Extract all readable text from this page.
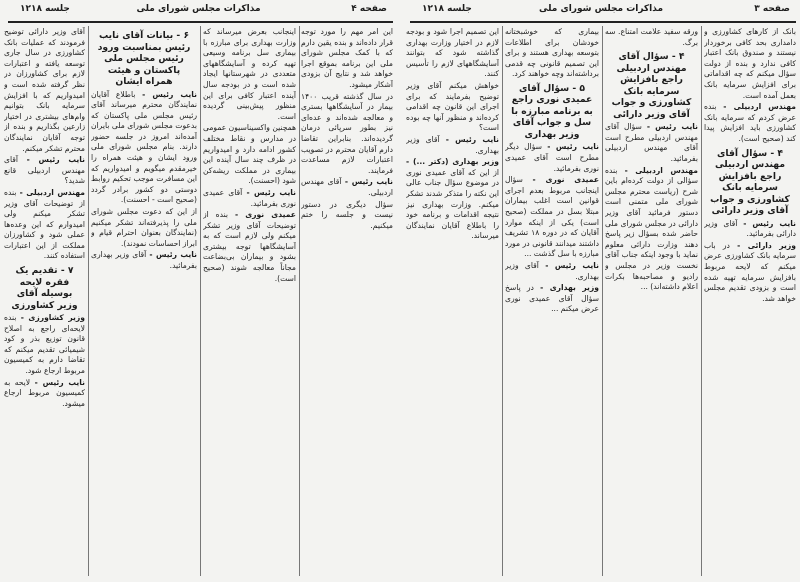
صفحه ۴
مذاکرات مجلس شورای ملی
جلسه ۱۲۱۸

این امر مهم را مورد توجه قرار داده‌اند و بنده یقین دارم که با کمک مجلس شورای ملی این برنامه بموقع اجرا خواهد شد و نتایج آن بزودی آشکار میشود.

در سال گذشته قریب ۱۴۰۰ بیمار در آسایشگاهها بستری و معالجه شده‌اند و عده‌ای نیز بطور سرپائی درمان گردیده‌اند. بنابراین تقاضا دارم آقایان محترم در تصویب اعتبارات لازم مساعدت فرمایند.

نایب رئیس - آقای مهندس اردبیلی.

سؤال دیگری در دستور نیست و جلسه را ختم میکنیم.

اینجانب بعرض میرساند که وزارت بهداری برای مبارزه با بیماری سل برنامه وسیعی تهیه کرده و آسایشگاههای متعددی در شهرستانها ایجاد شده است و در بودجه سال آینده اعتبار کافی برای این منظور پیش‌بینی گردیده است.

همچنین واکسیناسیون عمومی در مدارس و نقاط مختلف کشور ادامه دارد و امیدواریم در ظرف چند سال آینده این بیماری در مملکت ریشه‌کن شود (احسنت).

نایب رئیس - آقای عمیدی نوری بفرمائید.

عمیدی نوری - بنده از توضیحات آقای وزیر تشکر میکنم ولی لازم است که به آسایشگاهها توجه بیشتری بشود و بیماران بی‌بضاعت مجاناً معالجه شوند (صحیح است).

۶ - بیانات آقای نایب رئیس بمناسبت ورود رئیس مجلس ملی پاکستان و هیئت همراه ایشان

نایب رئیس - باطلاع آقایان نمایندگان محترم میرساند آقای رئیس مجلس ملی پاکستان که بدعوت مجلس شورای ملی بایران آمده‌اند امروز در جلسه حضور دارند. بنام مجلس شورای ملی ورود ایشان و هیئت همراه را خیرمقدم میگویم و امیدواریم که این مسافرت موجب تحکیم روابط دوستی دو کشور برادر گردد (صحیح است - احسنت).

از این که دعوت مجلس شورای ملی را پذیرفته‌اند تشکر میکنیم (نمایندگان بعنوان احترام قیام و ابراز احساسات نمودند).

نایب رئیس - آقای وزیر بهداری بفرمائید.

آقای وزیر دارائی توضیح فرمودند که عملیات بانک کشاورزی در سال جاری توسعه یافته و اعتبارات لازم برای کشاورزان در نظر گرفته شده است و امیدواریم که با افزایش سرمایه بانک بتوانیم وام‌های بیشتری در اختیار زارعین بگذاریم و بنده از توجه آقایان نمایندگان محترم تشکر میکنم.

نایب رئیس - آقای مهندس اردبیلی قانع شدید؟

مهندس اردبیلی - بنده از توضیحات آقای وزیر تشکر میکنم ولی امیدوارم که این وعده‌ها عملی شود و کشاورزان مملکت از این اعتبارات استفاده کنند.

۷ - تقدیم یک فقره لایحه بوسیله آقای وزیر کشاورزی

وزیر کشاورزی - بنده لایحه‌ای راجع به اصلاح قانون توزیع بذر و کود شیمیائی تقدیم میکنم که تقاضا دارم به کمیسیون مربوط ارجاع شود.

نایب رئیس - لایحه به کمیسیون مربوط ارجاع میشود.

صفحه ۳
مذاکرات مجلس شورای ملی
جلسه ۱۲۱۸

بانک از کارهای کشاورزی و دامداری بحد کافی برخوردار نیستند و صندوق بانک اعتبار کافی ندارد و بنده از دولت سؤال میکنم که چه اقداماتی برای افزایش سرمایه بانک بعمل آمده است.

مهندس اردبیلی - بنده عرض کردم که سرمایه بانک کشاورزی باید افزایش پیدا کند (صحیح است).

۴ - سؤال آقای مهندس اردبیلی راجع بافزایش سرمایه بانک کشاورزی و جواب آقای وزیر دارائی

نایب رئیس - آقای وزیر دارائی بفرمائید.

وزیر دارائی - در باب سرمایه بانک کشاورزی عرض میکنم که لایحه مربوط بافزایش سرمایه تهیه شده است و بزودی تقدیم مجلس خواهد شد.

ورقه سفید علامت امتناع. سه برگ.

۴ - سؤال آقای مهندس اردبیلی راجع بافزایش سرمایه بانک کشاورزی و جواب آقای وزیر دارائی

نایب رئیس - سؤال آقای مهندس اردبیلی مطرح است آقای مهندس اردبیلی بفرمائید.

مهندس اردبیلی - بنده سؤالی از دولت کرده‌ام باین شرح (ریاست محترم مجلس شورای ملی متمنی است دستور فرمائید آقای وزیر دارائی در مجلس شورای ملی حاضر شده بسؤال زیر پاسخ دهند وزارت دارائی معلوم نماید با وجود اینکه جناب آقای نخست وزیر در مجلس و رادیو و مصاحبه‌ها بکرات اعلام داشته‌اند) ...

بیماری که خوشبختانه خودشان برای اطلاعات بتوسعه بهداری هستند و برای این تصمیم قانونی چه قدمی برداشته‌اند وچه خواهند کرد.

۵ - سؤال آقای عمیدی نوری راجع به برنامه مبارزه با سل و جواب آقای وزیر بهداری

نایب رئیس - سؤال دیگر مطرح است آقای عمیدی نوری بفرمائید.

عمیدی نوری - سؤال اینجانب مربوط بعدم اجرای قوانین است اغلب بیماران مبتلا بسل در مملکت (صحیح است) یکی از اینکه موارد آقایان که در دوره ۱۸ تشریف داشتند میدانند قانونی در مورد مبارزه با سل گذشت ...

نایب رئیس - آقای وزیر بهداری.

وزیر بهداری - در پاسخ سؤال آقای عمیدی نوری عرض میکنم ...

این تصمیم اجرا شود و بودجه لازم در اختیار وزارت بهداری گذاشته شود که بتوانند آسایشگاههای لازم را تأسیس کنند.

خواهش میکنم آقای وزیر توضیح بفرمایند که برای اجرای این قانون چه اقدامی کرده‌اند و منظور آنها چه بوده است؟

نایب رئیس - آقای وزیر بهداری.

وزیر بهداری (دکتر ...) - از این که آقای عمیدی نوری در موضوع سؤال جناب عالی این نکته را متذکر شدند تشکر میکنم. وزارت بهداری نیز نتیجه اقدامات و برنامه خود را باطلاع آقایان نمایندگان میرساند.
